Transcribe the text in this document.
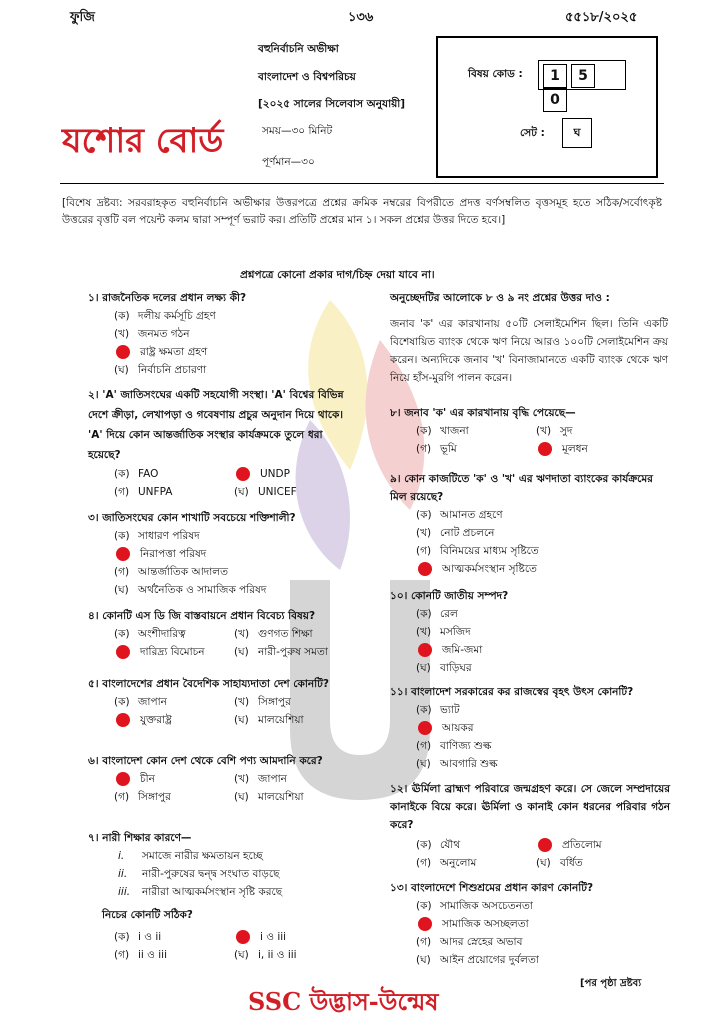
ফুজি	১৩৬	৫৫১৮/২০২৫
বহুনির্বাচনি অভীক্ষা
বাংলাদেশ ও বিশ্বপরিচয়
[২০২৫ সালের সিলেবাস অনুযায়ী]
সময়—৩০ মিনিট
পূর্ণমান—৩০
যশোর বোর্ড
বিষয় কোড :	1 50
সেট :	ঘ
[বিশেষ দ্রষ্টব্য: সরবরাহকৃত বহুনির্বাচনি অভীক্ষার উত্তরপত্রে প্রশ্নের ক্রমিক নম্বরের বিপরীতে প্রদত্ত বর্ণসম্বলিত বৃত্তসমূহ হতে সঠিক/সর্বোৎকৃষ্ট উত্তরের বৃত্তটি বল পয়েন্ট কলম দ্বারা সম্পূর্ণ ভরাট কর। প্রতিটি প্রশ্নের মান ১। সকল প্রশ্নের উত্তর দিতে হবে।]
প্রশ্নপত্রে কোনো প্রকার দাগ/চিহ্ন দেয়া যাবে না।
১। রাজনৈতিক দলের প্রধান লক্ষ্য কী?
(ক) দলীয় কর্মসূচি গ্রহণ
(খ) জনমত গঠন
রাষ্ট্র ক্ষমতা গ্রহণ
(ঘ) নির্বাচনি প্রচারণা
২। 'A' জাতিসংঘের একটি সহযোগী সংস্থা। 'A' বিশ্বের বিভিন্ন দেশে ক্রীড়া, লেখাপড়া ও গবেষণায় প্রচুর অনুদান দিয়ে থাকে। 'A' দিয়ে কোন আন্তর্জাতিক সংস্থার কার্যক্রমকে তুলে ধরা হয়েছে?
(ক) FAO	UNDP
(গ) UNFPA	(ঘ) UNICEF
৩। জাতিসংঘের কোন শাখাটি সবচেয়ে শক্তিশালী?
(ক) সাধারণ পরিষদ
নিরাপত্তা পরিষদ
(গ) আন্তর্জাতিক আদালত
(ঘ) অর্থনৈতিক ও সামাজিক পরিষদ
৪। কোনটি এস ডি জি বাস্তবায়নে প্রধান বিবেচ্য বিষয়?
(ক) অংশীদারিত্ব	(খ) গুণগত শিক্ষা
দারিদ্র্য বিমোচন	(ঘ) নারী-পুরুষ সমতা
৫। বাংলাদেশের প্রধান বৈদেশিক সাহায্যদাতা দেশ কোনটি?
(ক) জাপান	(খ) সিঙ্গাপুর
যুক্তরাষ্ট্র	(ঘ) মালয়েশিয়া
৬। বাংলাদেশ কোন দেশ থেকে বেশি পণ্য আমদানি করে?
চীন	(খ) জাপান
(গ) সিঙ্গাপুর	(ঘ) মালয়েশিয়া
৭। নারী শিক্ষার কারণে—
i.	সমাজে নারীর ক্ষমতায়ন হচ্ছে
ii.	নারী-পুরুষের দ্বন্দ্ব সংঘাত বাড়ছে
iii.	নারীরা আত্মকর্মসংস্থান সৃষ্টি করছে
নিচের কোনটি সঠিক?
(ক) i ও ii	i ও iii
(গ) ii ও iii	(ঘ) i, ii ও iii
অনুচ্ছেদটির আলোকে ৮ ও ৯ নং প্রশ্নের উত্তর দাও :
জনাব 'ক' এর কারখানায় ৫০টি সেলাইমেশিন ছিল। তিনি একটি বিশেষায়িত ব্যাংক থেকে ঋণ নিয়ে আরও ১০০টি সেলাইমেশিন ক্রয় করেন। অন্যদিকে জনাব 'খ' বিনাজামানতে একটি ব্যাংক থেকে ঋণ নিয়ে হাঁস-মুরগি পালন করেন।
৮। জনাব 'ক' এর কারখানায় বৃদ্ধি পেয়েছে—
(ক) খাজনা	(খ) সুদ
(গ) ভূমি	মূলধন
৯। কোন কাজটিতে 'ক' ও 'খ' এর ঋণদাতা ব্যাংকের কার্যক্রমের মিল রয়েছে?
(ক) আমানত গ্রহণে
(খ) নোট প্রচলনে
(গ) বিনিময়ের মাধ্যম সৃষ্টিতে
আত্মকর্মসংস্থান সৃষ্টিতে
১০। কোনটি জাতীয় সম্পদ?
(ক) রেল
(খ) মসজিদ
জমি-জমা
(ঘ) বাড়িঘর
১১। বাংলাদেশ সরকারের কর রাজস্বের বৃহৎ উৎস কোনটি?
(ক) ভ্যাট
আয়কর
(গ) বাণিজ্য শুল্ক
(ঘ) আবগারি শুল্ক
১২। ঊর্মিলা ব্রাহ্মণ পরিবারে জন্মগ্রহণ করে। সে জেলে সম্প্রদায়ের কানাইকে বিয়ে করে। ঊর্মিলা ও কানাই কোন ধরনের পরিবার গঠন করে?
(ক) যৌথ	প্রতিলোম
(গ) অনুলোম	(ঘ) বর্ধিত
১৩। বাংলাদেশে শিশুশ্রমের প্রধান কারণ কোনটি?
(ক) সামাজিক অসচেতনতা
সামাজিক অসচ্ছলতা
(গ) আদর স্নেহের অভাব
(ঘ) আইন প্রয়োগের দুর্বলতা
[পর পৃষ্ঠা দ্রষ্টব্য
SSC উদ্ভাস-উন্মেষ
